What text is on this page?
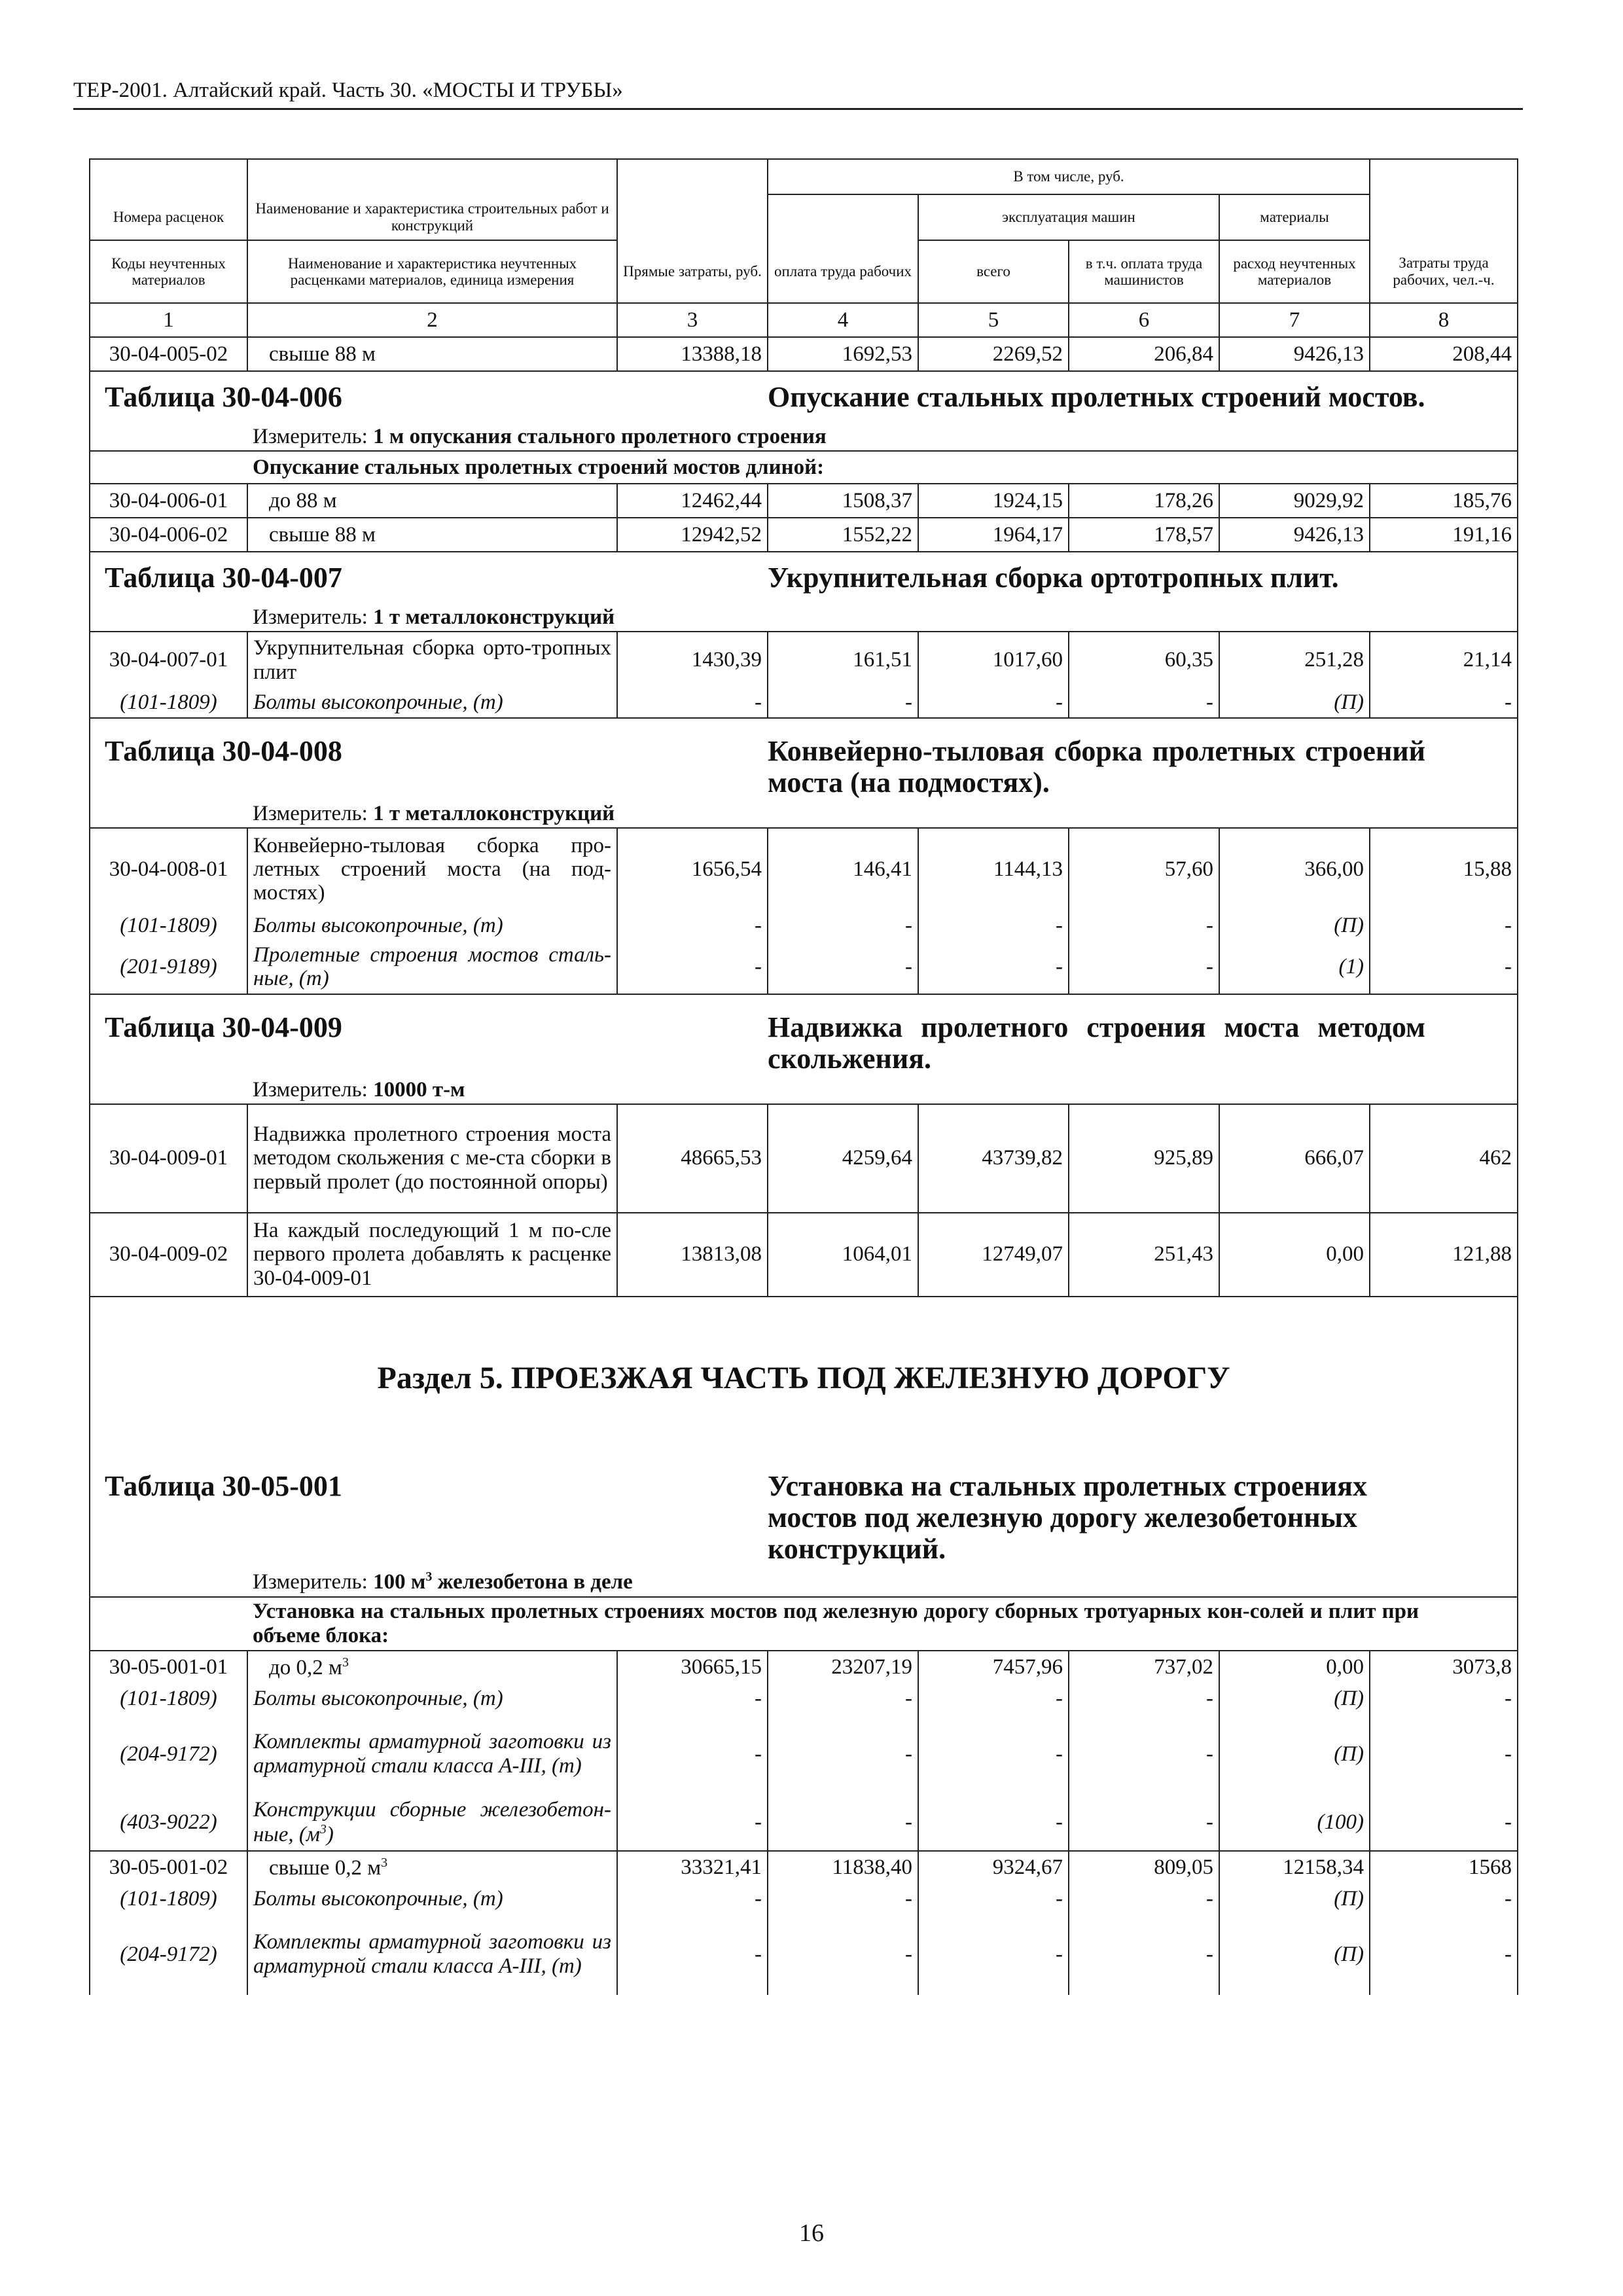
ТЕР-2001. Алтайский край. Часть 30. «МОСТЫ И ТРУБЫ»
			В том числе, руб.				
Номера расценок	Наименование и характеристика строительных работ и конструкций			эксплуатация машин		материалы	
Коды неучтенных материалов	Наименование и характеристика неучтенных расценками материалов, единица измерения	Прямые затраты, руб.	оплата труда рабочих	всего	в т.ч. оплата труда машинистов	расход неучтенных материалов	Затраты труда рабочих, чел.-ч.
1	2	3	4	5	6	7	8
30-04-005-02	свыше 88 м	13388,18	1692,53	2269,52	206,84	9426,13	208,44
Таблица 30-04-006			Опускание стальных пролетных строений мостов.				
	Измеритель: 1 м опускания стального пролетного строения						
	Опускание стальных пролетных строений мостов длиной:						
30-04-006-01	до 88 м	12462,44	1508,37	1924,15	178,26	9029,92	185,76
30-04-006-02	свыше 88 м	12942,52	1552,22	1964,17	178,57	9426,13	191,16
Таблица 30-04-007			Укрупнительная сборка ортотропных плит.				
	Измеритель: 1 т металлоконструкций						
30-04-007-01	Укрупнительная сборка орто-тропных плит	1430,39	161,51	1017,60	60,35	251,28	21,14
(101-1809)	Болты высокопрочные, (т)	-	-	-	-	(П)	-
Таблица 30-04-008			Конвейерно-тыловая сборка пролетных строений моста (на подмостях).				
	Измеритель: 1 т металлоконструкций						
30-04-008-01	Конвейерно-тыловая сборка про-летных строений моста (на под-мостях)	1656,54	146,41	1144,13	57,60	366,00	15,88
(101-1809)	Болты высокопрочные, (т)	-	-	-	-	(П)	-
(201-9189)	Пролетные строения мостов сталь-ные, (т)	-	-	-	-	(1)	-
Таблица 30-04-009			Надвижка пролетного строения моста методом скольжения.				
	Измеритель: 10000 т-м						
30-04-009-01	Надвижка пролетного строения моста методом скольжения с ме-ста сборки в первый пролет (до постоянной опоры)	48665,53	4259,64	43739,82	925,89	666,07	462
30-04-009-02	На каждый последующий 1 м по-сле первого пролета добавлять к расценке 30-04-009-01	13813,08	1064,01	12749,07	251,43	0,00	121,88
Раздел 5. ПРОЕЗЖАЯ ЧАСТЬ ПОД ЖЕЛЕЗНУЮ ДОРОГУ							
Таблица 30-05-001			Установка на стальных пролетных строениях мостов под железную дорогу железобетонных конструкций.				
	Измеритель: 100 $м^3$ железобетона в деле						
	Установка на стальных пролетных строениях мостов под железную дорогу сборных тротуарных кон-солей и плит при объеме блока:						
30-05-001-01	до 0,2 $м^3$	30665,15	23207,19	7457,96	737,02	0,00	3073,8
(101-1809)	Болты высокопрочные, (т)	-	-	-	-	(П)	-
(204-9172)	Комплекты арматурной заготовки из арматурной стали класса А-III, (т)	-	-	-	-	(П)	-
(403-9022)	Конструкции сборные железобетон-ные, $(м^3)$	-	-	-	-	(100)	-
30-05-001-02	свыше 0,2 $м^3$	33321,41	11838,40	9324,67	809,05	12158,34	1568
(101-1809)	Болты высокопрочные, (т)	-	-	-	-	(П)	-
(204-9172)	Комплекты арматурной заготовки из арматурной стали класса А-III, (т)	-	-	-	-	(П)	-
16
